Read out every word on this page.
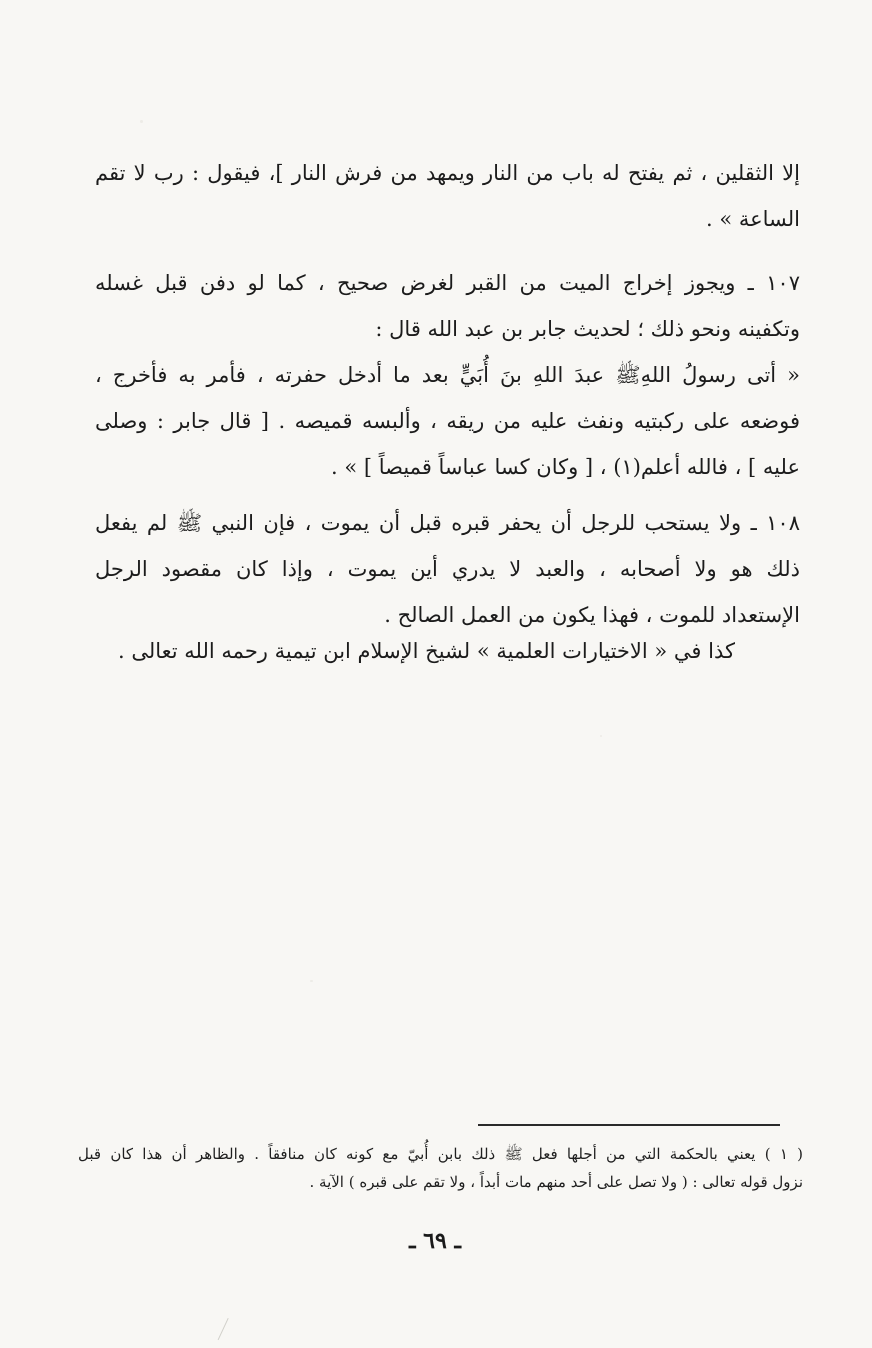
إلا الثقلين ، ثم يفتح له باب من النار ويمهد من فرش النار ]، فيقول : رب لا تقم
الساعة » .
١٠٧ ـ ويجوز إخراج الميت من القبر لغرض صحيح ، كما لو دفن قبل غسله
وتكفينه ونحو ذلك ؛ لحديث جابر بن عبد الله قال :
« أتى رسولُ اللهِﷺ عبدَ اللهِ بنَ أُبَيٍّ بعد ما أدخل حفرته ، فأمر به فأخرج ،
فوضعه على ركبتيه ونفث عليه من ريقه ، وألبسه قميصه . [ قال جابر : وصلى
عليه ] ، فالله أعلم(١) ، [ وكان كسا عباساً قميصاً ] » .
١٠٨ ـ ولا يستحب للرجل أن يحفر قبره قبل أن يموت ، فإن النبي ﷺ لم يفعل
ذلك هو ولا أصحابه ، والعبد لا يدري أين يموت ، وإذا كان مقصود الرجل
الإستعداد للموت ، فهذا يكون من العمل الصالح .
كذا في « الاختيارات العلمية » لشيخ الإسلام ابن تيمية رحمه الله تعالى .
( ١ ) يعني بالحكمة التي من أجلها فعل ﷺ ذلك بابن أُبيّ مع كونه كان منافقاً . والظاهر أن هذا كان قبل
نزول قوله تعالى : ( ولا تصل على أحد منهم مات أبداً ، ولا تقم على قبره ) الآية .
ـ ٦٩ ـ
